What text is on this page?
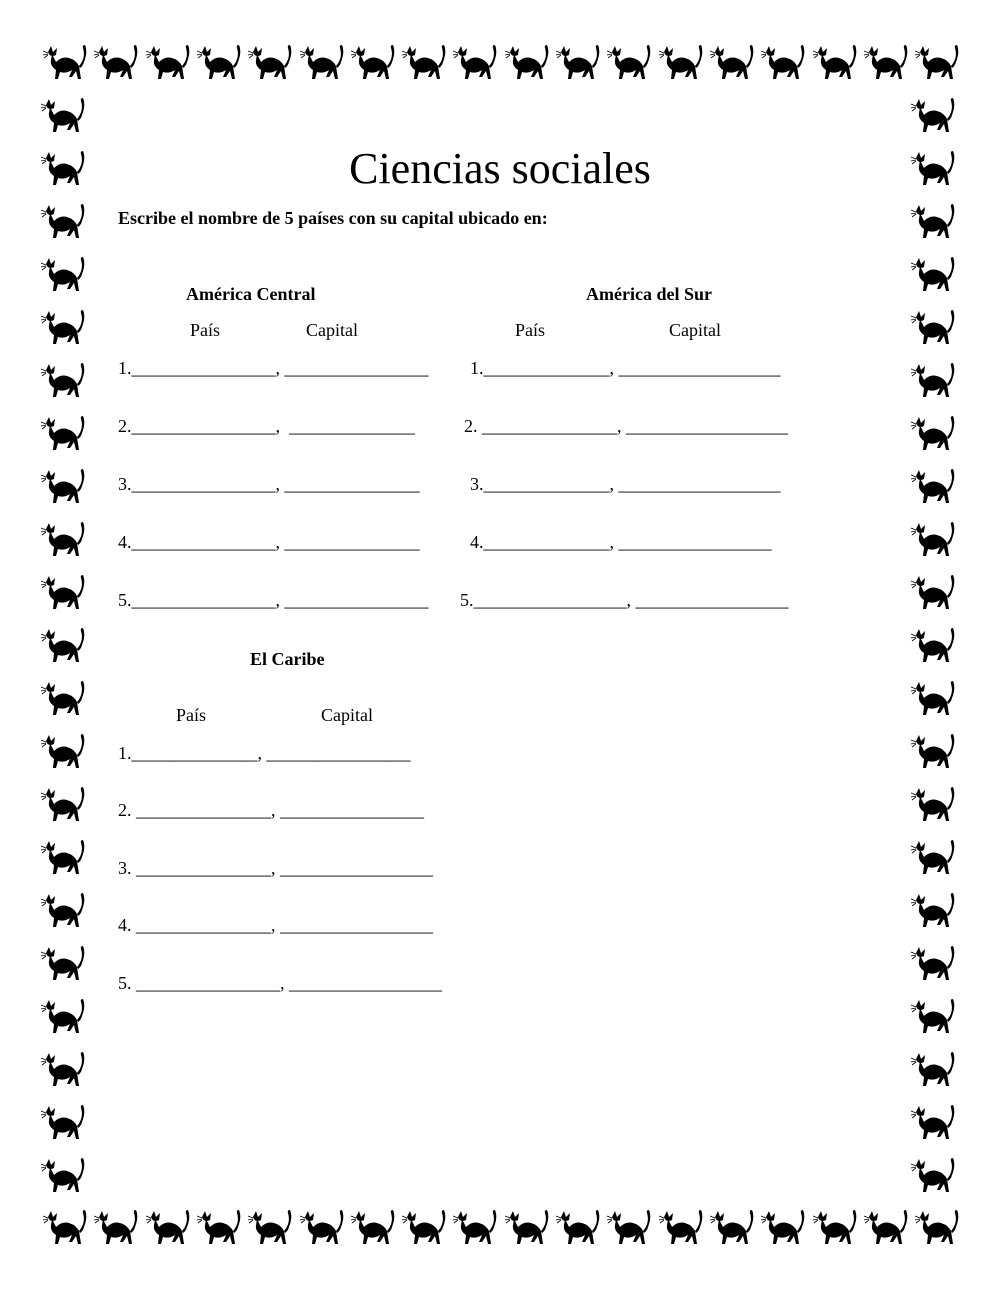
Ciencias sociales
Escribe el nombre de 5 países con su capital ubicado en:
América Central
País	Capital
1.________________, ________________
2.________________,  ______________
3.________________, _______________
4.________________, _______________
5.________________, ________________
América del Sur
País	Capital
1.______________, __________________
2. _______________, __________________
3.______________, __________________
4.______________, _________________
5._________________, _________________
El Caribe
País	Capital
1.______________, ________________
2. _______________, ________________
3. _______________, _________________
4. _______________, _________________
5. ________________, _________________
